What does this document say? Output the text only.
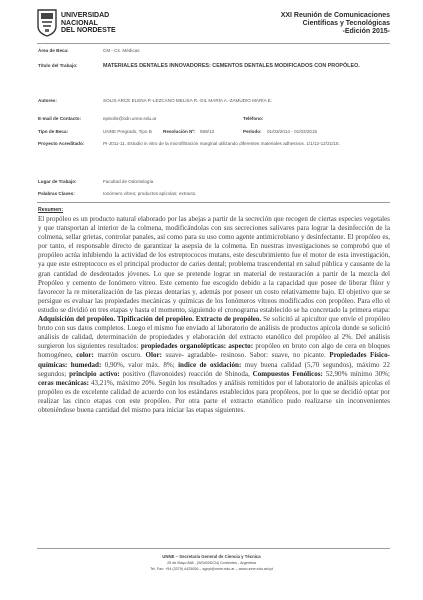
UNIVERSIDAD
NACIONAL
DEL NORDESTE
XXI Reunión de Comunicaciones
Científicas y Tecnológicas
-Edición 2015-
Área de Beca:	CM - Cs. Médicas
Título del Trabajo:	MATERIALES DENTALES INNOVADORES: CEMENTOS DENTALES MODIFICADOS CON PROPÓLEO.
Autores:	SOLIS ARCE ELENA P.-LEZCANO MELISA R.-GIL MARÍA A.-ZAMUDIO MARÍA E.
E-mail de Contacto:	episolis@odn.unne.edu.ar	Teléfono:
Tipo de Beca:	UNNE Pregrado, Tipo B Resolución Nº: 589/13	Período: 01/03/2014 - 01/03/2015
Proyecto Acreditado:	PI-J011-11. Estudio in vitro de la microfiltración marginal utilizando diferentes materiales adhesivos. 1/1/12-12/31/15.
Lugar de Trabajo:	Facultad de Odontología
Palabras Claves:	Ionómero vítreo; productos apícolas; extracto.
Resumen:
El propóleo es un producto natural elaborado por las abejas a partir de la secreción que recogen de ciertas especies vegetales y que transportan al interior de la colmena, modificándolas con sus secreciones salivares para lograr la desinfección de la colmena, sellar grietas, controlar panales, así como para su uso como agente antimicrobiano y desinfectante. El propóleo es, por tanto, el responsable directo de garantizar la asepsia de la colmena. En nuestras investigaciones se comprobó que el propóleo actúa inhibiendo la actividad de los estreptococos mutans, este descubrimiento fue el motor de esta investigación, ya que este estreptococo es el principal productor de caries dental; problema trascendental en salud pública y causante de la gran cantidad de desdentados jóvenes. Lo que se pretende lograr un material de restauración a partir de la mezcla del Propóleo y cemento de Ionómero vítreo. Este cemento fue escogido debido a la capacidad que posee de liberar flúor y favorecer la re mineralización de las piezas dentarias y, además por poseer un costo relativamente bajo. El objetivo que se persigue es evaluar las propiedades mecánicas y químicas de los Ionómeros vítreos modificados con propóleo. Para ello el estudio se dividió en tres etapas y hasta el momento, siguiendo el cronograma establecido se ha concretado la primera etapa: Adquisición del propóleo. Tipificación del propóleo. Extracto de propóleo. Se solicitó al apicultor que envíe el propóleo bruto con sus datos completos. Luego el mismo fue enviado al laboratorio de análisis de productos apícola donde se solicitó análisis de calidad, determinación de propiedades y elaboración del extracto etanólico del propóleo al 2%. Del análisis surgieron los siguientes resultados: propiedades organolépticas: aspecto: propóleo en bruto con algo de cera en bloques homogéneo, color: marrón oscuro. Olor: suave- agradable- resinoso. Sabor: suave, no picante. Propiedades Físico- químicas: humedad: 0,90%, valor máx. 8%; índice de oxidación: muy buena calidad (5,70 segundos), máximo 22 segundos; principio activo: positivo (flavonoides) reacción de Shinoda, Compuestos Fenólicos: 52,90% mínimo 30%; ceras mecánicas: 43,21%, máximo 20%. Según los resultados y análisis remitidos por el laboratorio de análisis apícolas el propóleo es de excelente calidad de acuerdo con los estándares establecidos para propóleos, por lo que se decidió optar por realizar las cinco etapas con este propóleo. Por otra parte el extracto etanólico pudo realizarse sin inconvenientes obteniéndose buena cantidad del mismo para iniciar las etapas siguientes.
UNNE – Secretaría General de Ciencia y Técnica
25 de Mayo 868 - (W3400DCN) Corrientes - Argentina
Tel. Fax: +54 (3379) 4425006 – sgcyt@unne.edu.ar – www.unne.edu.ar/cyt
